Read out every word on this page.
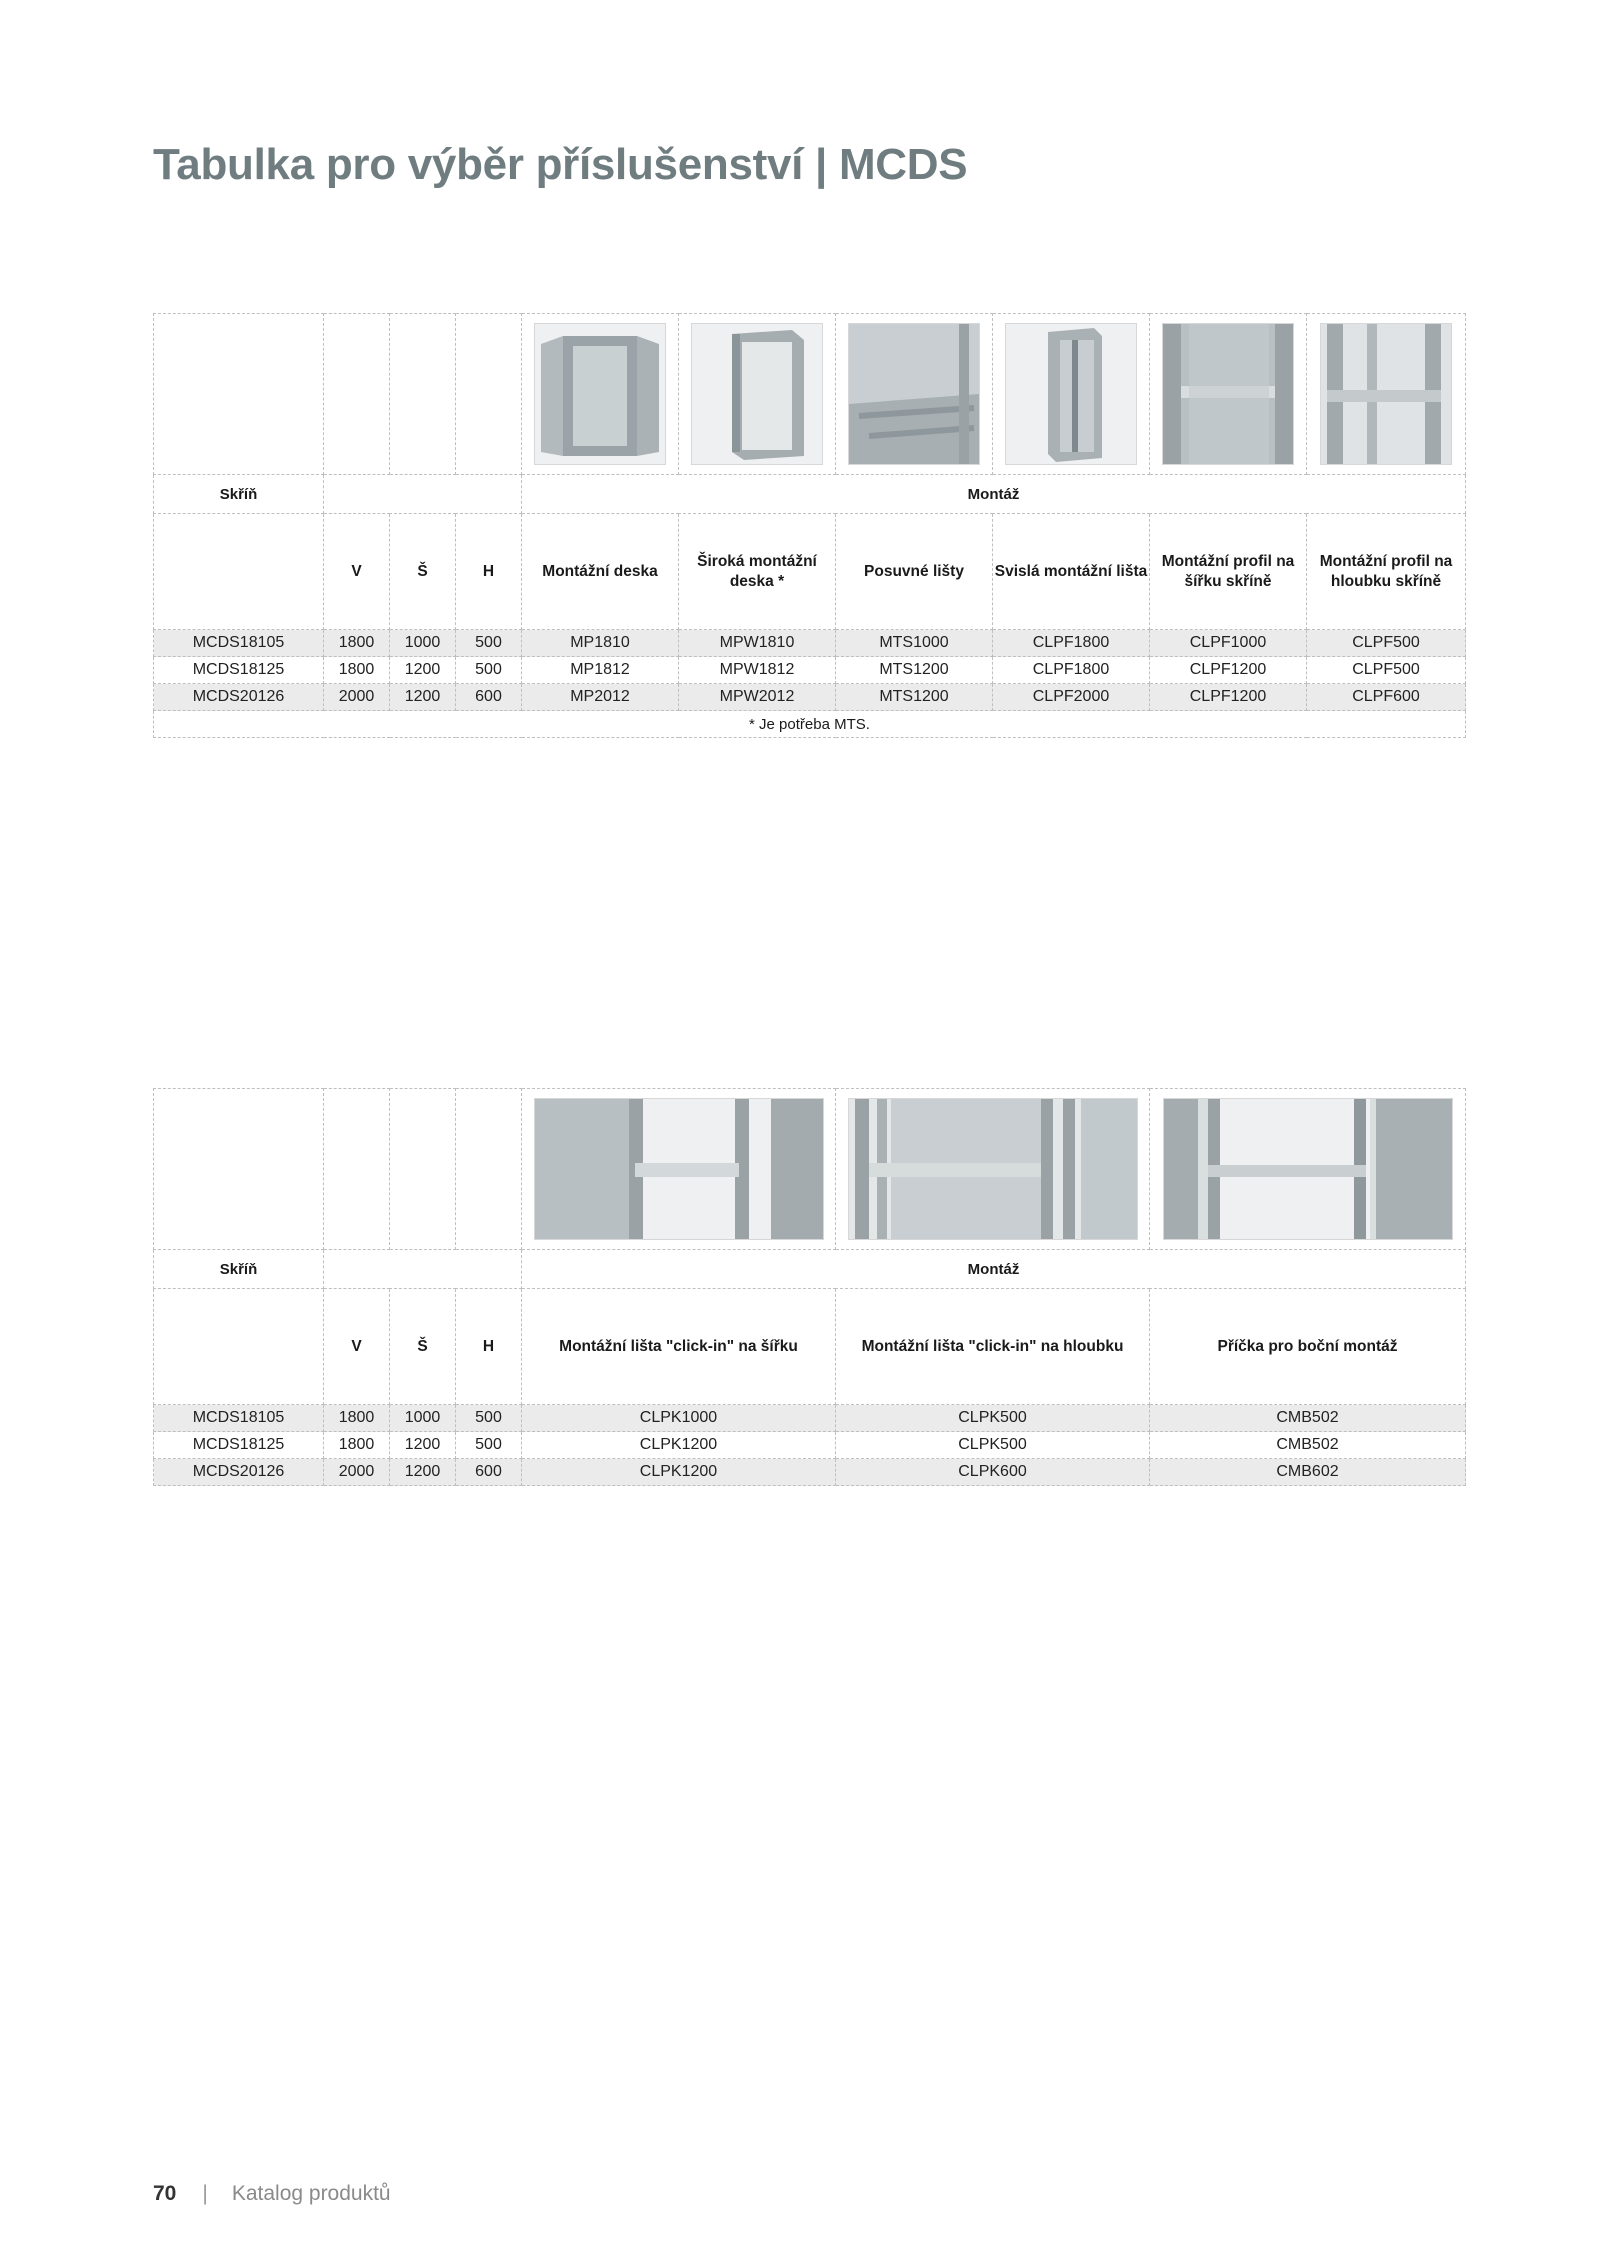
Tabulka pro výběr příslušenství | MCDS

Skříň				Montáž					
	V	Š	H	Montážní deska	Široká montážní deska *	Posuvné lišty	Svislá montážní lišta	Montážní profil na šířku skříně	Montážní profil na hloubku skříně
MCDS18105	1800	1000	500	MP1810	MPW1810	MTS1000	CLPF1800	CLPF1000	CLPF500
MCDS18125	1800	1200	500	MP1812	MPW1812	MTS1200	CLPF1800	CLPF1200	CLPF500
MCDS20126	2000	1200	600	MP2012	MPW2012	MTS1200	CLPF2000	CLPF1200	CLPF600
* Je potřeba MTS.									

Skříň				Montáž		
	V	Š	H	Montážní lišta "click-in" na šířku	Montážní lišta "click-in" na hloubku	Příčka pro boční montáž
MCDS18105	1800	1000	500	CLPK1000	CLPK500	CMB502
MCDS18125	1800	1200	500	CLPK1200	CLPK500	CMB502
MCDS20126	2000	1200	600	CLPK1200	CLPK600	CMB602
70 | Katalog produktů
